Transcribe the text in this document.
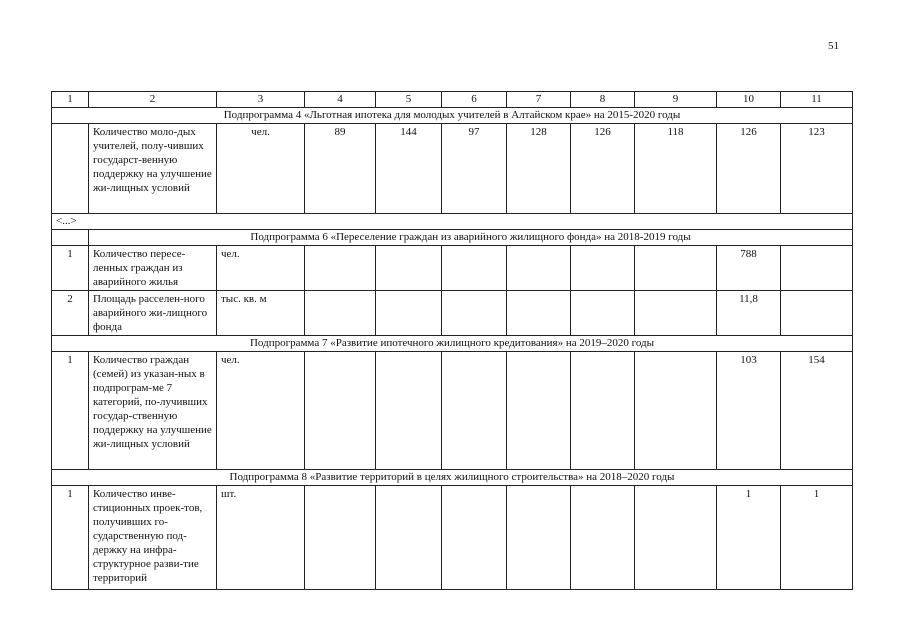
51
1	2	3	4	5	6	7	8	9	10	11
Подпрограмма 4 «Льготная ипотека для молодых учителей в Алтайском крае» на 2015-2020 годы										
	Количество моло-дых учителей, полу-чивших государст-венную поддержку на улучшение жи-лищных условий	чел.	89	144	97	128	126	118	126	123
<...>										
	Подпрограмма 6 «Переселение граждан из аварийного жилищного фонда» на 2018-2019 годы									
1	Количество пересе-ленных граждан из аварийного жилья	чел.							788	
2	Площадь расселен-ного аварийного жи-лищного фонда	тыс. кв. м							11,8	
Подпрограмма 7 «Развитие ипотечного жилищного кредитования» на 2019–2020 годы										
1	Количество граждан (семей) из указан-ных в подпрограм-ме 7 категорий, по-лучивших государ-ственную поддержку на улучшение жи-лищных условий	чел.							103	154
Подпрограмма 8 «Развитие территорий в целях жилищного строительства» на 2018–2020 годы										
1	Количество инве-стиционных проек-тов, получивших го-сударственную под-держку на инфра-структурное разви-тие территорий	шт.							1	1
